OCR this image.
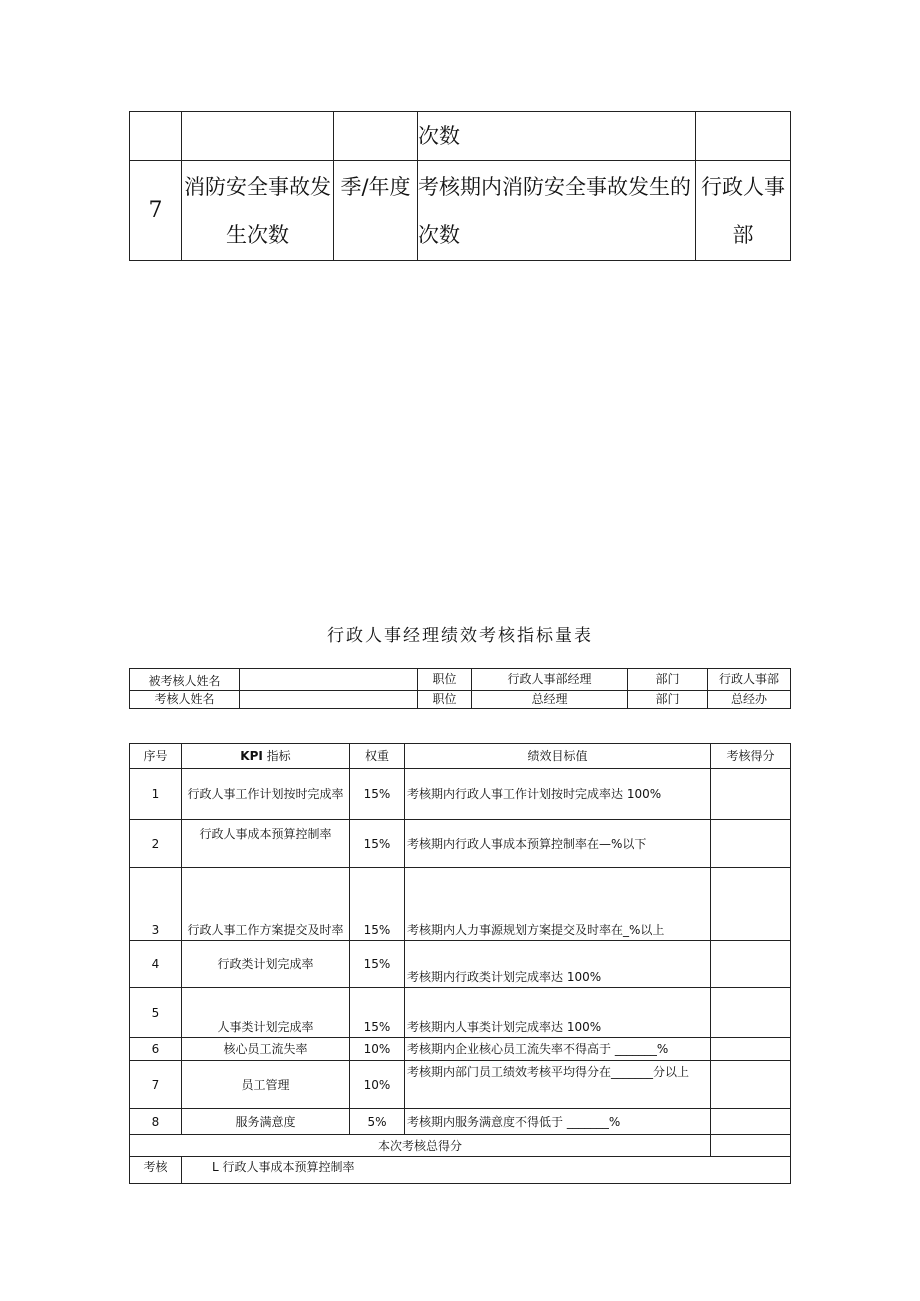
			次数	
7	消防安全事故发生次数	季/年度	考核期内消防安全事故发生的次数	行政人事部
行政人事经理绩效考核指标量表
被考核人姓名		职位	行政人事部经理	部门	行政人事部
考核人姓名		职位	总经理	部门	总经办
序号	KPI 指标	权重	绩效目标值	考核得分
1	行政人事工作计划按时完成率	15%	考核期内行政人事工作计划按时完成率达 100%	
2	行政人事成本预算控制率	15%	考核期内行政人事成本预算控制率在—%以下	
3	行政人事工作方案提交及时率	15%	考核期内人力事源规划方案提交及时率在_%以上	
4	行政类计划完成率	15%	考核期内行政类计划完成率达 100%	
5	人事类计划完成率	15%	考核期内人事类计划完成率达 100%	
6	核心员工流失率	10%	考核期内企业核心员工流失率不得高于 _______%	
7	员工管理	10%	考核期内部门员工绩效考核平均得分在_______分以上	
8	服务满意度	5%	考核期内服务满意度不得低于 _______%	
本次考核总得分				
考核	L 行政人事成本预算控制率			
